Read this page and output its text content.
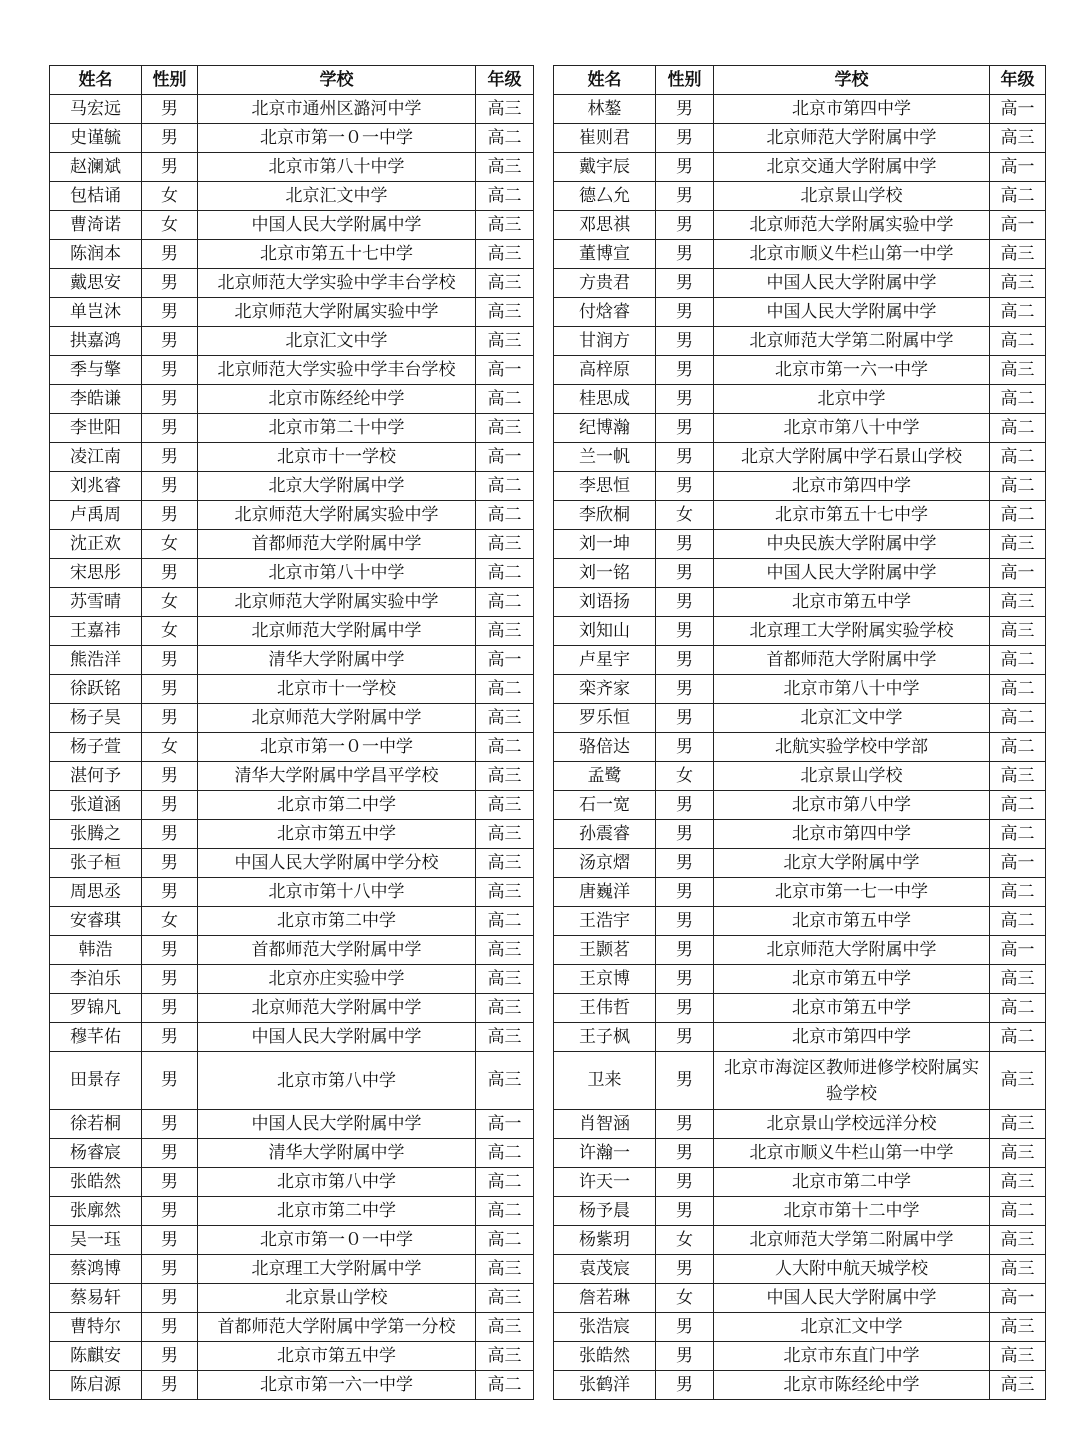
姓名	性别	学校	年级
马宏远	男	北京市通州区潞河中学	高三
史谨毓	男	北京市第一０一中学	高二
赵澜斌	男	北京市第八十中学	高三
包桔诵	女	北京汇文中学	高二
曹渏诺	女	中国人民大学附属中学	高三
陈润本	男	北京市第五十七中学	高三
戴思安	男	北京师范大学实验中学丰台学校	高三
单岂沐	男	北京师范大学附属实验中学	高三
拱嘉鸿	男	北京汇文中学	高三
季与擎	男	北京师范大学实验中学丰台学校	高一
李皓谦	男	北京市陈经纶中学	高二
李世阳	男	北京市第二十中学	高三
凌江南	男	北京市十一学校	高一
刘兆睿	男	北京大学附属中学	高二
卢禹周	男	北京师范大学附属实验中学	高二
沈正欢	女	首都师范大学附属中学	高三
宋思彤	男	北京市第八十中学	高二
苏雪晴	女	北京师范大学附属实验中学	高二
王嘉祎	女	北京师范大学附属中学	高三
熊浩洋	男	清华大学附属中学	高一
徐跃铭	男	北京市十一学校	高二
杨子昊	男	北京师范大学附属中学	高三
杨子萱	女	北京市第一０一中学	高二
湛何予	男	清华大学附属中学昌平学校	高三
张道涵	男	北京市第二中学	高三
张腾之	男	北京市第五中学	高三
张子桓	男	中国人民大学附属中学分校	高三
周思丞	男	北京市第十八中学	高三
安睿琪	女	北京市第二中学	高二
韩浩	男	首都师范大学附属中学	高三
李泊乐	男	北京亦庄实验中学	高三
罗锦凡	男	北京师范大学附属中学	高三
穆芊佑	男	中国人民大学附属中学	高三
田景存	男	北京市第八中学	高三
徐若桐	男	中国人民大学附属中学	高一
杨睿宸	男	清华大学附属中学	高二
张皓然	男	北京市第八中学	高二
张廓然	男	北京市第二中学	高二
吴一珏	男	北京市第一０一中学	高二
蔡鸿博	男	北京理工大学附属中学	高三
蔡易轩	男	北京景山学校	高三
曹特尔	男	首都师范大学附属中学第一分校	高三
陈麒安	男	北京市第五中学	高三
陈启源	男	北京市第一六一中学	高二
姓名	性别	学校	年级
林鏊	男	北京市第四中学	高一
崔则君	男	北京师范大学附属中学	高三
戴宇辰	男	北京交通大学附属中学	高一
德厶允	男	北京景山学校	高二
邓思祺	男	北京师范大学附属实验中学	高一
董博宣	男	北京市顺义牛栏山第一中学	高三
方贵君	男	中国人民大学附属中学	高三
付焓睿	男	中国人民大学附属中学	高二
甘润方	男	北京师范大学第二附属中学	高二
高梓原	男	北京市第一六一中学	高三
桂思成	男	北京中学	高二
纪博瀚	男	北京市第八十中学	高二
兰一帆	男	北京大学附属中学石景山学校	高二
李思恒	男	北京市第四中学	高二
李欣桐	女	北京市第五十七中学	高二
刘一坤	男	中央民族大学附属中学	高三
刘一铭	男	中国人民大学附属中学	高一
刘语扬	男	北京市第五中学	高三
刘知山	男	北京理工大学附属实验学校	高三
卢星宇	男	首都师范大学附属中学	高二
栾齐家	男	北京市第八十中学	高二
罗乐恒	男	北京汇文中学	高二
骆倍达	男	北航实验学校中学部	高二
孟鹭	女	北京景山学校	高三
石一宽	男	北京市第八中学	高二
孙震睿	男	北京市第四中学	高二
汤京熠	男	北京大学附属中学	高一
唐巍洋	男	北京市第一七一中学	高二
王浩宇	男	北京市第五中学	高二
王颢茗	男	北京师范大学附属中学	高一
王京博	男	北京市第五中学	高三
王伟哲	男	北京市第五中学	高二
王子枫	男	北京市第四中学	高二
卫来	男	北京市海淀区教师进修学校附属实验学校	高三
肖智涵	男	北京景山学校远洋分校	高三
许瀚一	男	北京市顺义牛栏山第一中学	高三
许天一	男	北京市第二中学	高三
杨予晨	男	北京市第十二中学	高二
杨紫玥	女	北京师范大学第二附属中学	高三
袁茂宸	男	人大附中航天城学校	高三
詹若琳	女	中国人民大学附属中学	高一
张浩宸	男	北京汇文中学	高三
张皓然	男	北京市东直门中学	高三
张鹤洋	男	北京市陈经纶中学	高三
